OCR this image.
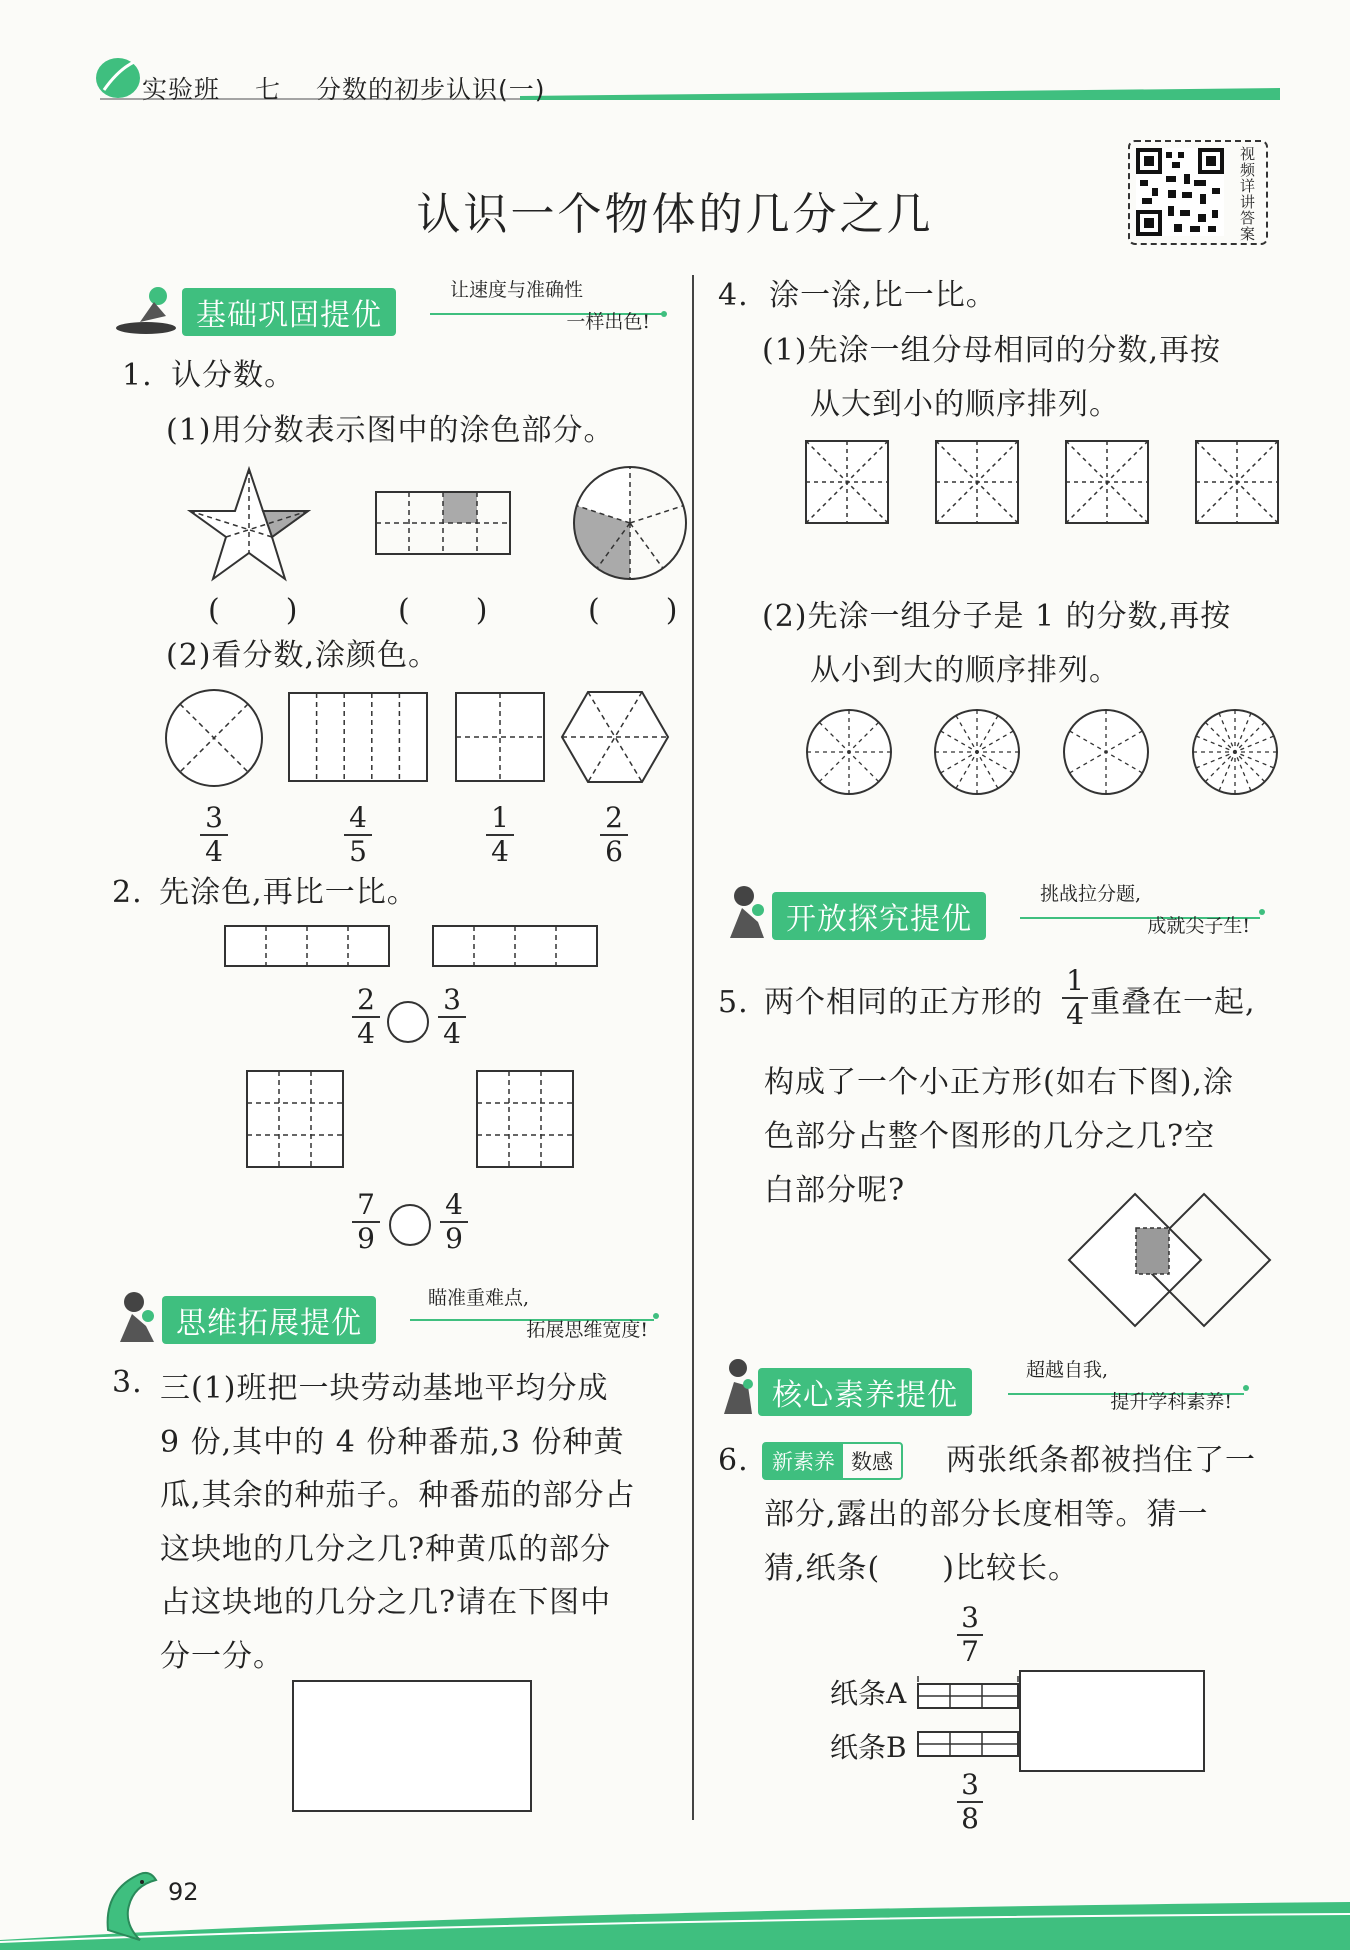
实验班 七 分数的初步认识(一)
认识一个物体的几分之几
视频详讲答案
基础巩固提优
让速度与准确性
一样出色!
1. 认分数。
(1)用分数表示图中的涂色部分。
(　　)	(　　)	(　　)
(2)看分数,涂颜色。
3
4
4
5
1
4
2
6
2. 先涂色,再比一比。
2
4
3
4
7
9
4
9
思维拓展提优
瞄准重难点,
拓展思维宽度!
3. 三(1)班把一块劳动基地平均分成
9 份,其中的 4 份种番茄,3 份种黄
瓜,其余的种茄子。种番茄的部分占
这块地的几分之几?种黄瓜的部分
占这块地的几分之几?请在下图中
分一分。
4. 涂一涂,比一比。
(1)先涂一组分母相同的分数,再按
从大到小的顺序排列。
(2)先涂一组分子是 1 的分数,再按
从小到大的顺序排列。
开放探究提优
挑战拉分题,
成就尖子生!
5. 两个相同的正方形的
1
4 重叠在一起,
构成了一个小正方形(如右下图),涂
色部分占整个图形的几分之几?空
白部分呢?
核心素养提优
超越自我,
提升学科素养!
6.	新素养 数感 两张纸条都被挡住了一
部分,露出的部分长度相等。猜一
猜,纸条(　　)比较长。
3
7
纸条A
纸条B
3
8
92
